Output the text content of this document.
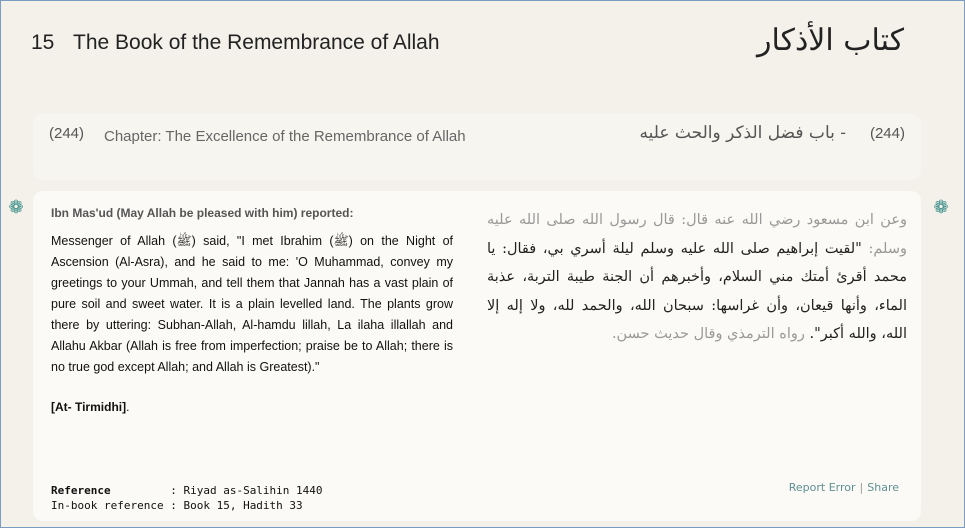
15 The Book of the Remembrance of Allah	كتاب الأذكار
(244) Chapter: The Excellence of the Remembrance of Allah	(244)
- باب فضل الذكر والحث عليه
❁	❁
Ibn Mas'ud (May Allah be pleased with him) reported:
Messenger of Allah (ﷺ) said, "I met Ibrahim (ﷺ) on the Night of Ascension (Al-Asra), and he said to me: 'O Muhammad, convey my greetings to your Ummah, and tell them that Jannah has a vast plain of pure soil and sweet water. It is a plain levelled land. The plants grow there by uttering: Subhan-Allah, Al-hamdu lillah, La ilaha illallah and Allahu Akbar (Allah is free from imperfection; praise be to Allah; there is no true god except Allah; and Allah is Greatest)."
[At- Tirmidhi].
وعن ابن مسعود رضي الله عنه قال: قال رسول الله صلى الله عليه وسلم: "لقيت إبراهيم صلى الله عليه وسلم ليلة أسري بي، فقال: يا محمد أقرئ أمتك مني السلام، وأخبرهم أن الجنة طيبة التربة، عذبة الماء، وأنها قيعان، وأن غراسها: سبحان الله، والحمد لله، ولا إله إلا الله، والله أكبر". رواه الترمذي وقال حديث حسن.
Reference	: Riyad as-Salihin 1440
In-book reference : Book 15, Hadith 33
Report Error | Share
